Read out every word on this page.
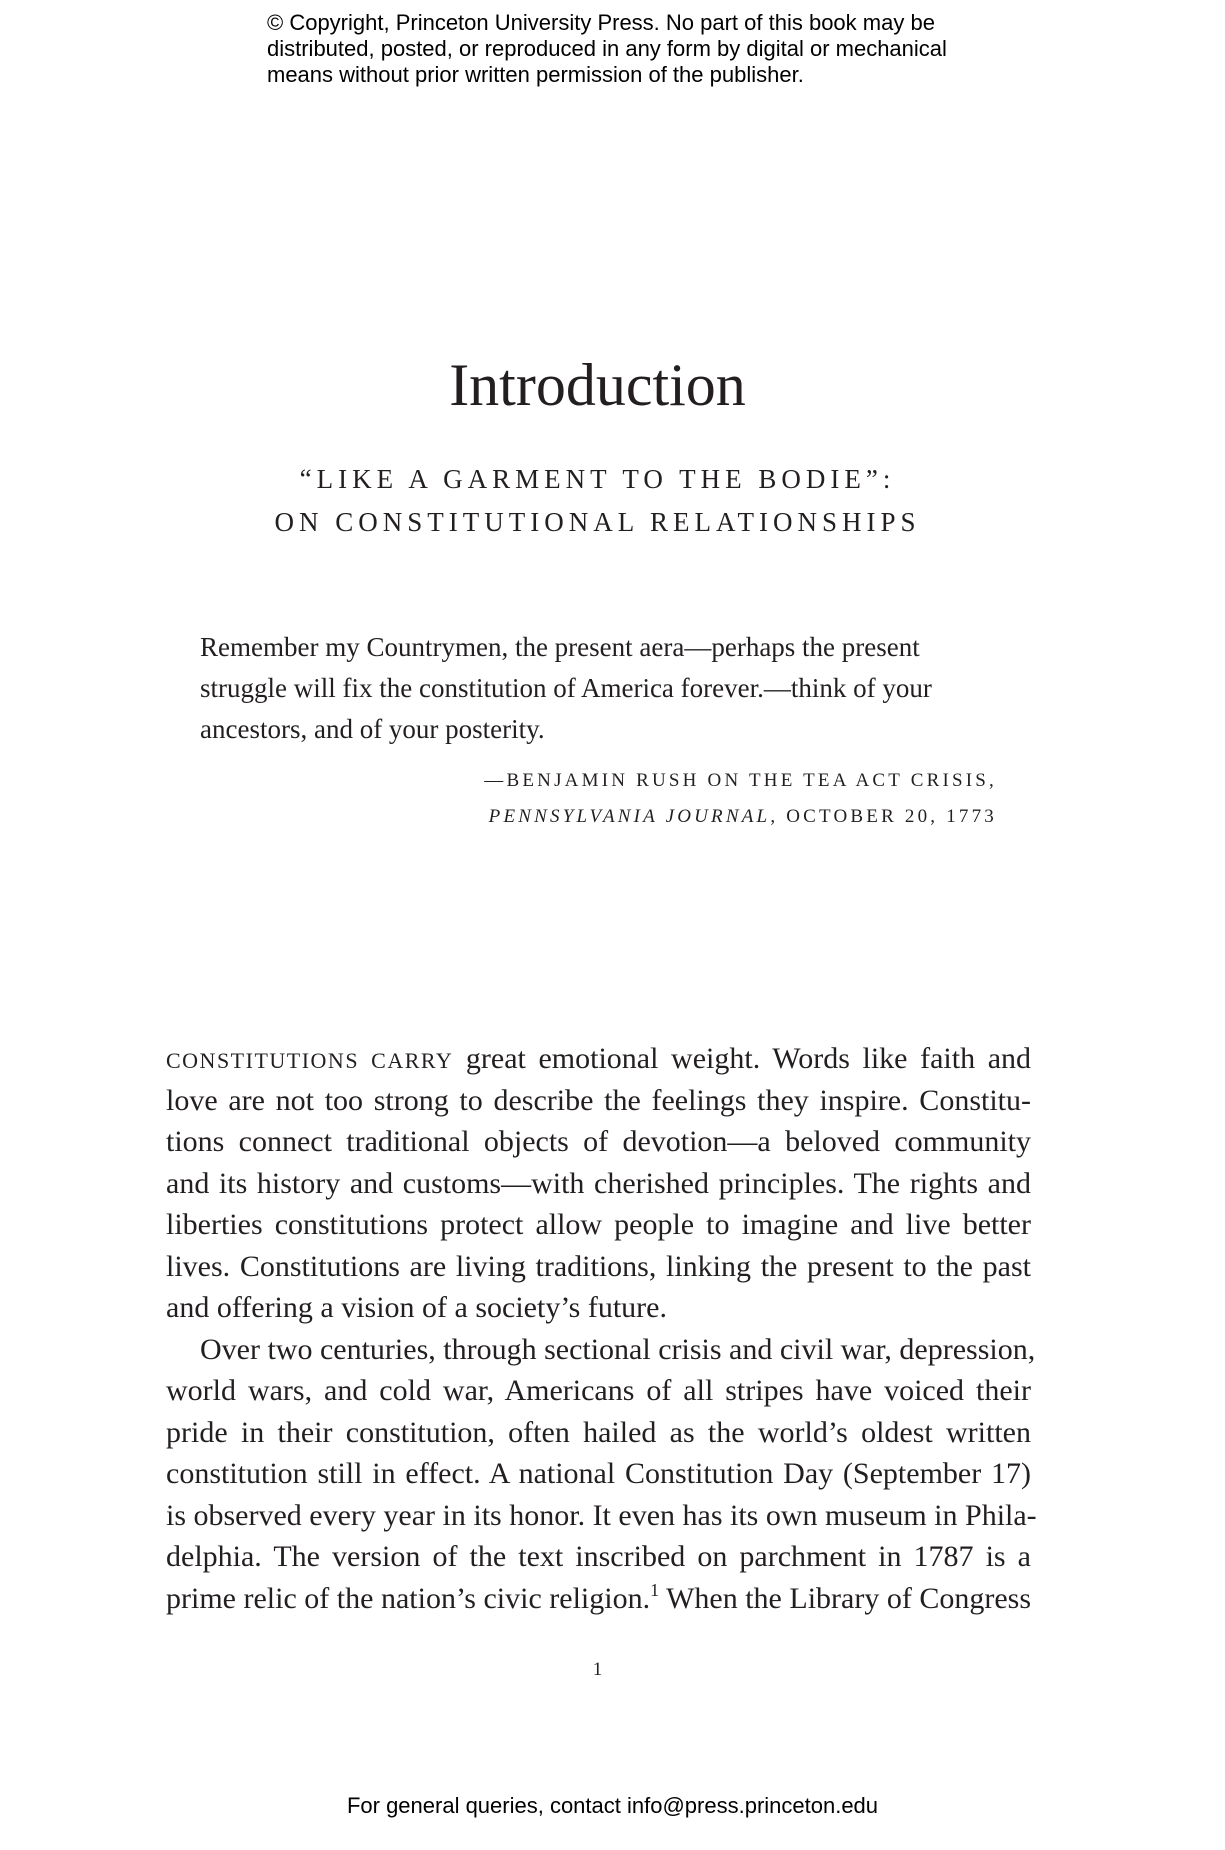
© Copyright, Princeton University Press. No part of this book may be
distributed, posted, or reproduced in any form by digital or mechanical
means without prior written permission of the publisher.
Introduction
“LIKE A GARMENT TO THE BODIE”:
ON CONSTITUTIONAL RELATIONSHIPS
Remember my Countrymen, the present aera—perhaps the present
struggle will fix the constitution of America forever.—think of your
ancestors, and of your posterity.
—BENJAMIN RUSH ON THE TEA ACT CRISIS,
PENNSYLVANIA JOURNAL, OCTOBER 20, 1773
CONSTITUTIONS CARRY great emotional weight. Words like faith and
love are not too strong to describe the feelings they inspire. Constitu-
tions connect traditional objects of devotion—a beloved community
and its history and customs—with cherished principles. The rights and
liberties constitutions protect allow people to imagine and live better
lives. Constitutions are living traditions, linking the present to the past
and offering a vision of a society’s future.
Over two centuries, through sectional crisis and civil war, depression,
world wars, and cold war, Americans of all stripes have voiced their
pride in their constitution, often hailed as the world’s oldest written
constitution still in effect. A national Constitution Day (September 17)
is observed every year in its honor. It even has its own museum in Phila-
delphia. The version of the text inscribed on parchment in 1787 is a
prime relic of the nation’s civic religion.$^1$ When the Library of Congress
1
For general queries, contact info@press.princeton.edu
